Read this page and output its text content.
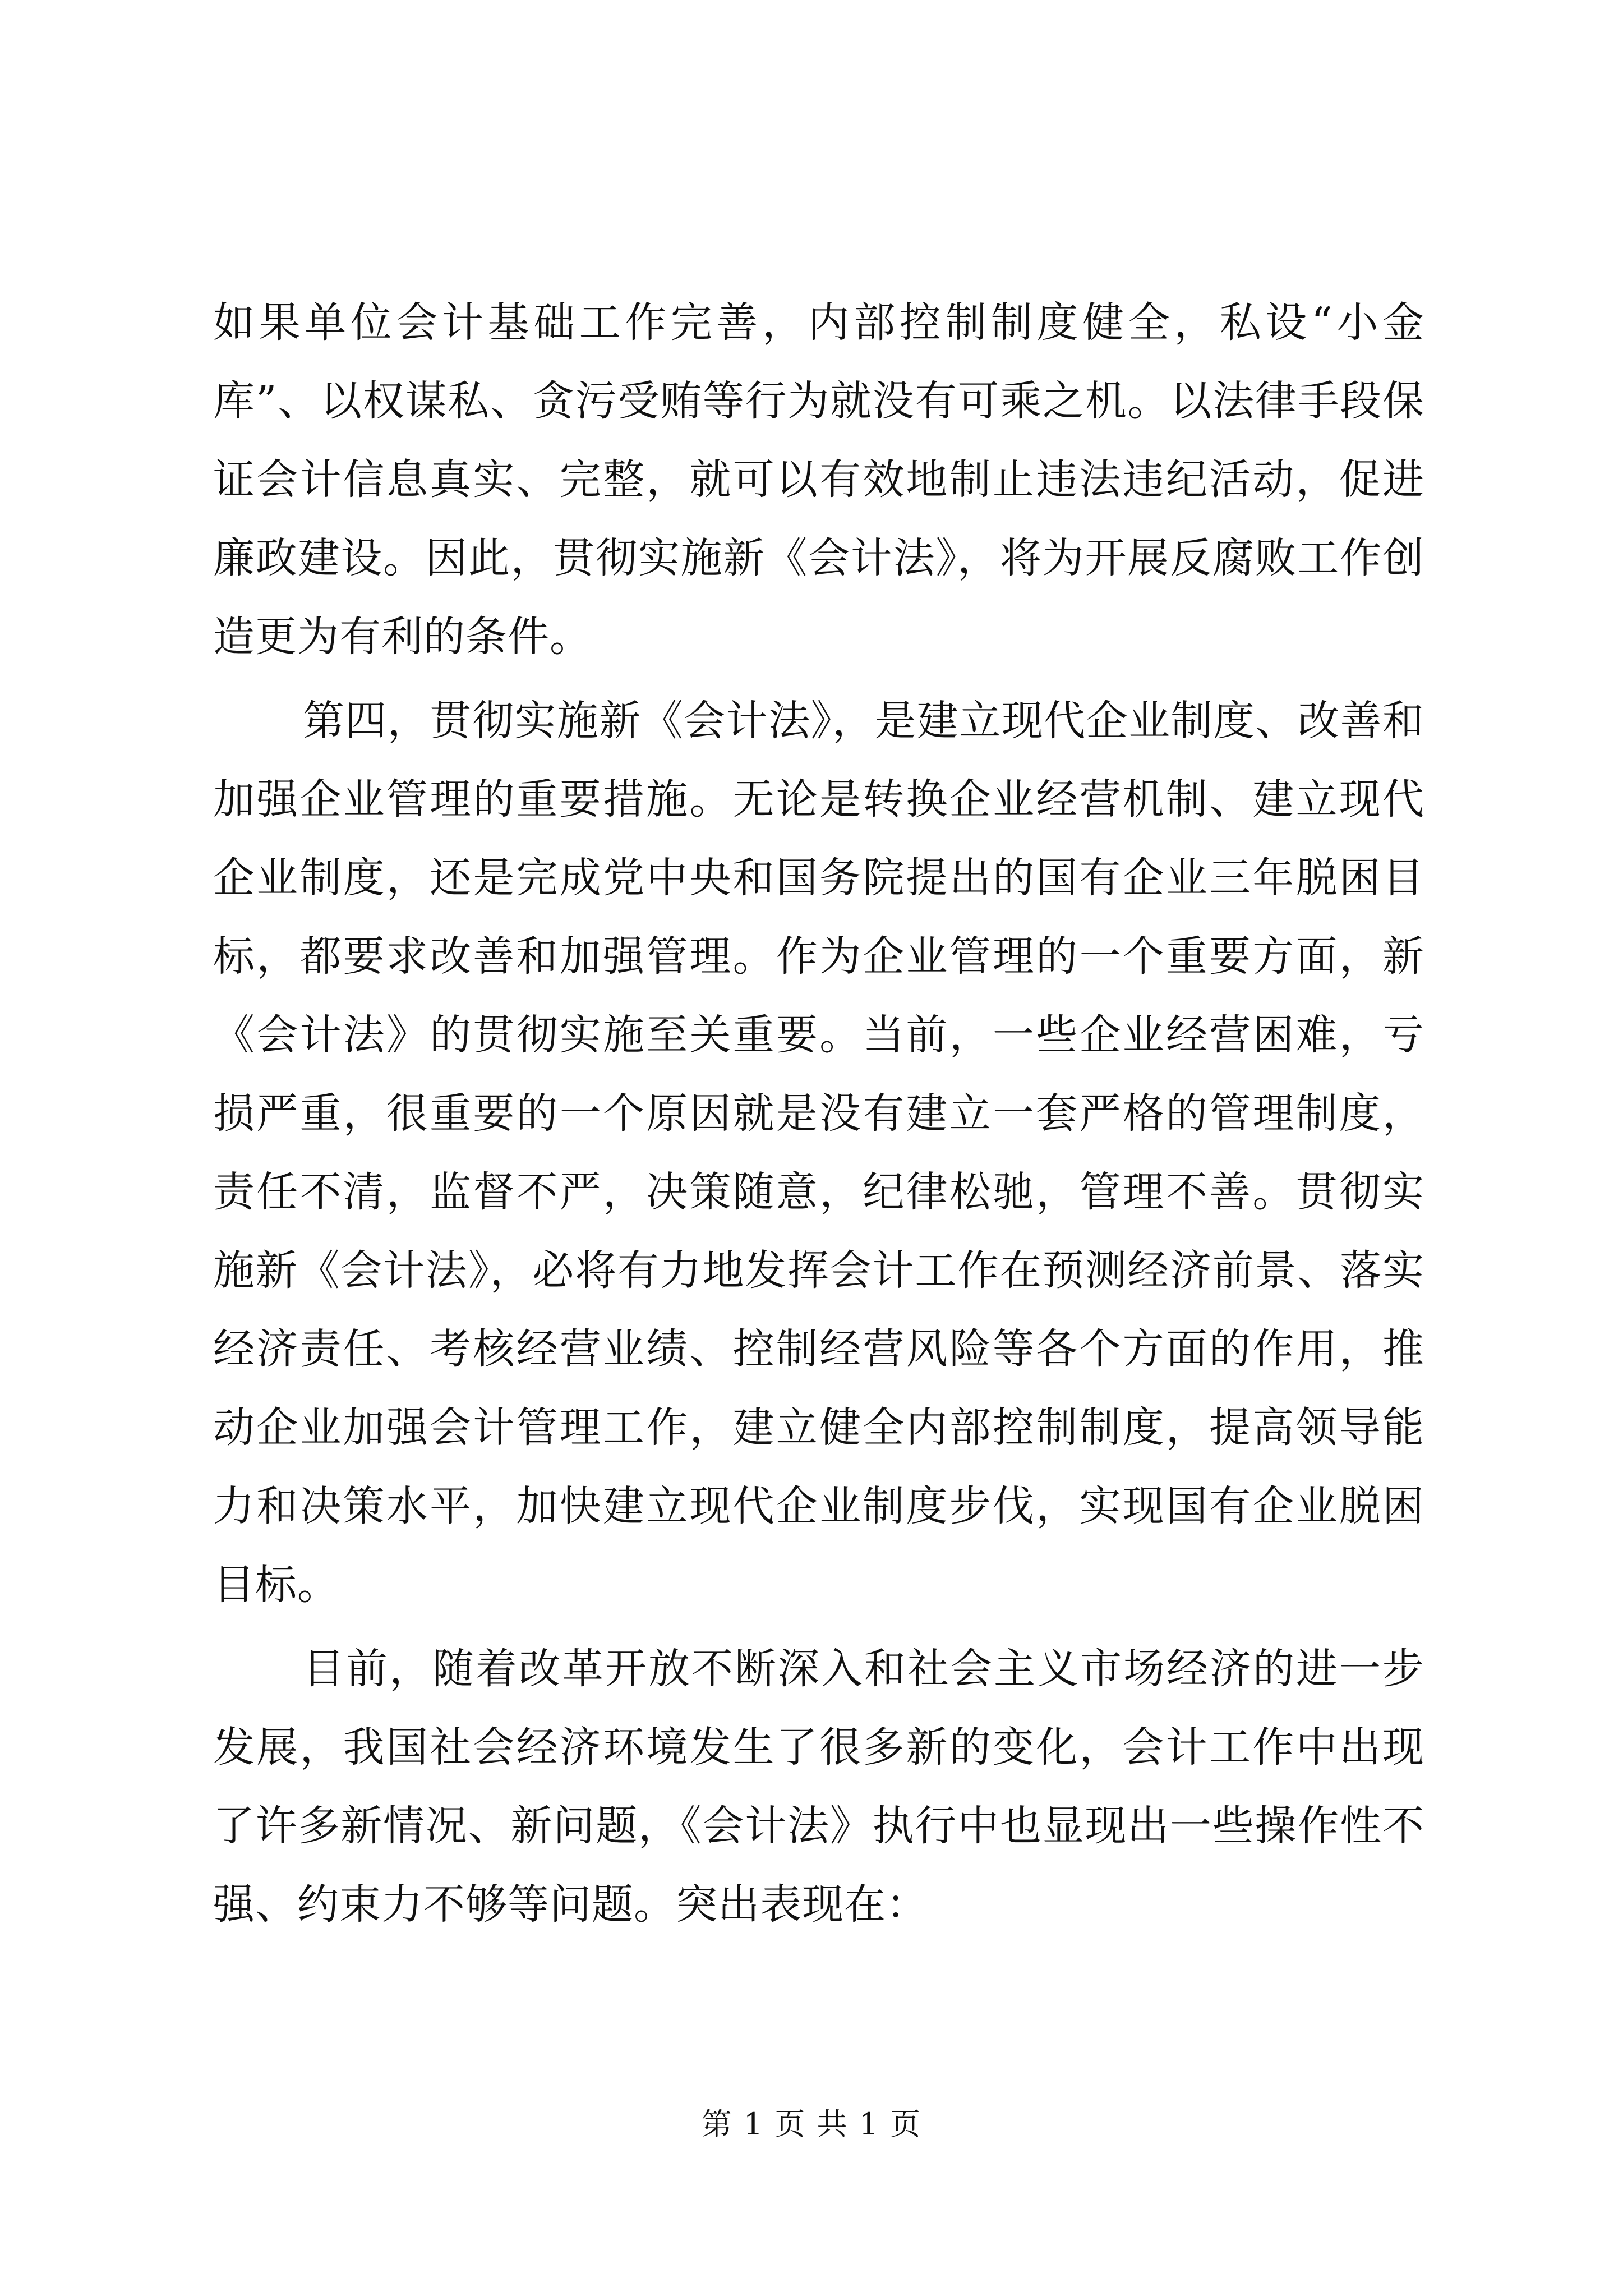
如果单位会计基础工作完善，内部控制制度健全，私设“小金库”、以权谋私、贪污受贿等行为就没有可乘之机。以法律手段保证会计信息真实、完整，就可以有效地制止违法违纪活动，促进廉政建设。因此，贯彻实施新《会计法》，将为开展反腐败工作创造更为有利的条件。

第四，贯彻实施新《会计法》，是建立现代企业制度、改善和加强企业管理的重要措施。无论是转换企业经营机制、建立现代企业制度，还是完成党中央和国务院提出的国有企业三年脱困目标，都要求改善和加强管理。作为企业管理的一个重要方面，新《会计法》的贯彻实施至关重要。当前，一些企业经营困难，亏损严重，很重要的一个原因就是没有建立一套严格的管理制度，责任不清，监督不严，决策随意，纪律松驰，管理不善。贯彻实施新《会计法》，必将有力地发挥会计工作在预测经济前景、落实经济责任、考核经营业绩、控制经营风险等各个方面的作用，推动企业加强会计管理工作，建立健全内部控制制度，提高领导能力和决策水平，加快建立现代企业制度步伐，实现国有企业脱困目标。

目前，随着改革开放不断深入和社会主义市场经济的进一步发展，我国社会经济环境发生了很多新的变化，会计工作中出现了许多新情况、新问题，《会计法》执行中也显现出一些操作性不强、约束力不够等问题。突出表现在：

第 1 页 共 1 页
